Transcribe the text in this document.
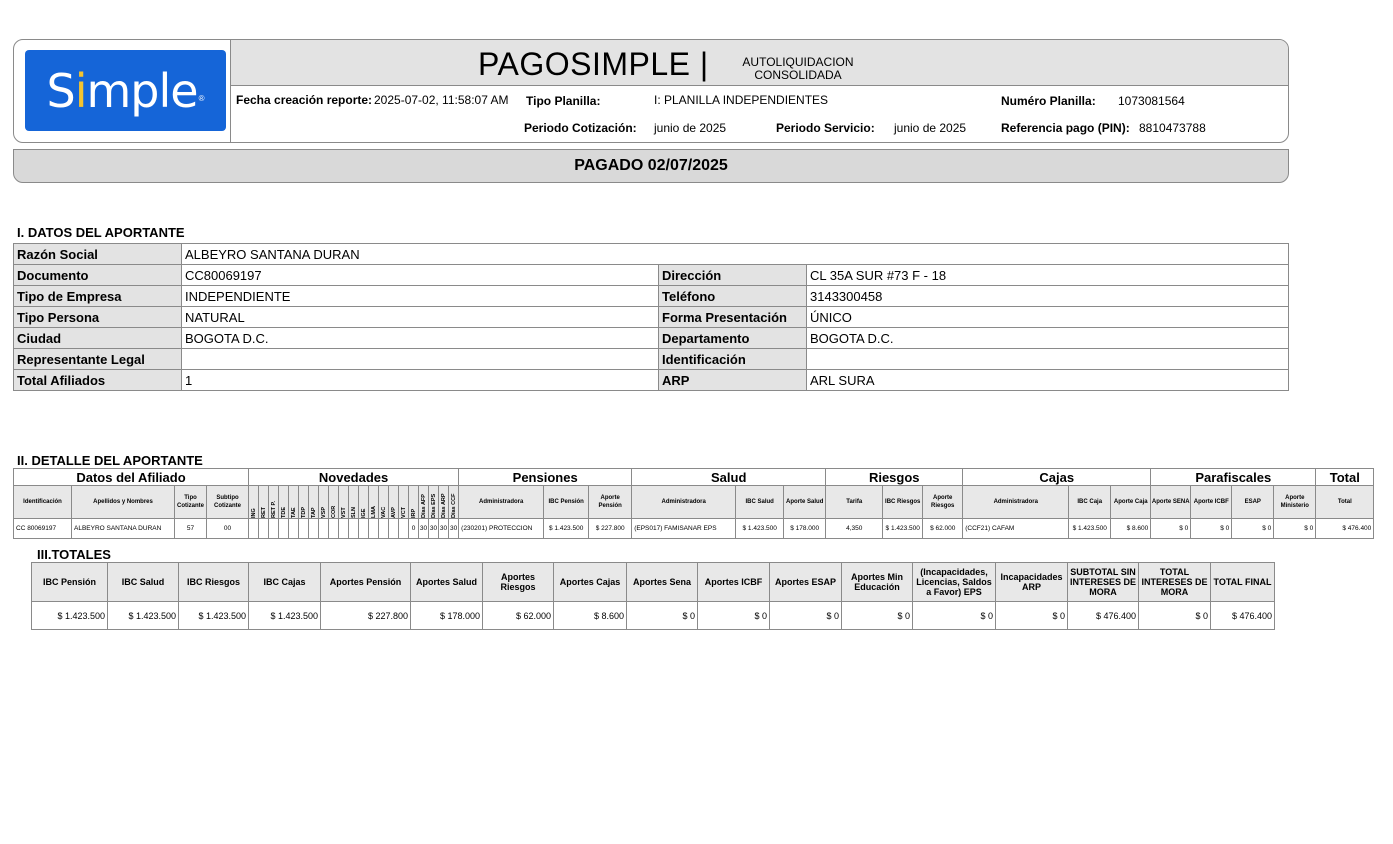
Simple ®
PAGOSIMPLE |	AUTOLIQUIDACION
CONSOLIDADA
Fecha creación reporte: 2025-07-02, 11:58:07 AM Tipo Planilla:	I: PLANILLA INDEPENDIENTES	Numéro Planilla: 1073081564
Periodo Cotización: junio de 2025	Periodo Servicio: junio de 2025	Referencia pago (PIN): 8810473788
PAGADO 02/07/2025
I. DATOS DEL APORTANTE
Razón Social	ALBEYRO SANTANA DURAN		
Documento	CC80069197	Dirección	CL 35A SUR #73 F - 18
Tipo de Empresa	INDEPENDIENTE	Teléfono	3143300458
Tipo Persona	NATURAL	Forma Presentación	ÚNICO
Ciudad	BOGOTA D.C.	Departamento	BOGOTA D.C.
Representante Legal		Identificación	
Total Afiliados	1	ARP	ARL SURA
II. DETALLE DEL APORTANTE
Datos del Afiliado				Novedades																					Pensiones			Salud			Riesgos			Cajas			Parafiscales				Total
Identificación	Apellidos y Nombres	Tipo Cotizante	Subtipo Cotizante	ING	RET	RET P.	TDE	TAE	TDP	TAP	VSP	COR	VST	SLN	IGE	LMA	VAC	AVP	VCT	IRP	Días AFP	Días EPS	Días ARP	Días CCF	Administradora	IBC Pensión	Aporte Pensión	Administradora	IBC Salud	Aporte Salud	Tarifa	IBC Riesgos	Aporte Riesgos	Administradora	IBC Caja	Aporte Caja	Aporte SENA	Aporte ICBF	ESAP	Aporte Ministerio	Total
CC 80069197	ALBEYRO SANTANA DURAN	57	00																	0	30	30	30	30	(230201) PROTECCION	$ 1.423.500	$ 227.800	(EPS017) FAMISANAR EPS	$ 1.423.500	$ 178.000	4,350	$ 1.423.500	$ 62.000	(CCF21) CAFAM	$ 1.423.500	$ 8.600	$ 0	$ 0	$ 0	$ 0	$ 476.400
III.TOTALES
IBC Pensión	IBC Salud	IBC Riesgos	IBC Cajas	Aportes Pensión	Aportes Salud	Aportes Riesgos	Aportes Cajas	Aportes Sena	Aportes ICBF	Aportes ESAP	Aportes Min Educación	(Incapacidades, Licencias, Saldos a Favor) EPS	Incapacidades ARP	SUBTOTAL SIN INTERESES DE MORA	TOTAL INTERESES DE MORA	TOTAL FINAL
$ 1.423.500	$ 1.423.500	$ 1.423.500	$ 1.423.500	$ 227.800	$ 178.000	$ 62.000	$ 8.600	$ 0	$ 0	$ 0	$ 0	$ 0	$ 0	$ 476.400	$ 0	$ 476.400
